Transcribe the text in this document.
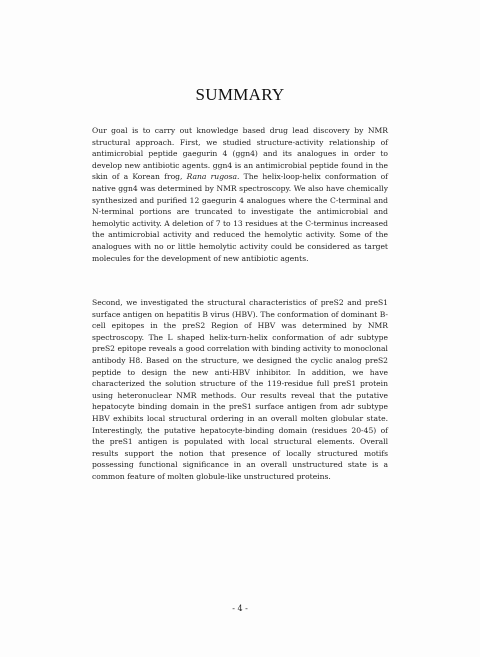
SUMMARY

Our goal is to carry out knowledge based drug lead discovery by NMR structural approach. First, we studied structure-activity relationship of antimicrobial peptide gaegurin 4 (ggn4) and its analogues in order to develop new antibiotic agents. ggn4 is an antimicrobial peptide found in the skin of a Korean frog, Rana rugosa. The helix-loop-helix conformation of native ggn4 was determined by NMR spectroscopy. We also have chemically synthesized and purified 12 gaegurin 4 analogues where the C-terminal and N-terminal portions are truncated to investigate the antimicrobial and hemolytic activity. A deletion of 7 to 13 residues at the C-terminus increased the antimicrobial activity and reduced the hemolytic activity. Some of the analogues with no or little hemolytic activity could be considered as target molecules for the development of new antibiotic agents.

Second, we investigated the structural characteristics of preS2 and preS1 surface antigen on hepatitis B virus (HBV). The conformation of dominant B-cell epitopes in the preS2 Region of HBV was determined by NMR spectroscopy. The L shaped helix-turn-helix conformation of adr subtype preS2 epitope reveals a good correlation with binding activity to monoclonal antibody H8. Based on the structure, we designed the cyclic analog preS2 peptide to design the new anti-HBV inhibitor. In addition, we have characterized the solution structure of the 119-residue full preS1 protein using heteronuclear NMR methods. Our results reveal that the putative hepatocyte binding domain in the preS1 surface antigen from adr subtype HBV exhibits local structural ordering in an overall molten globular state. Interestingly, the putative hepatocyte-binding domain (residues 20-45) of the preS1 antigen is populated with local structural elements. Overall results support the notion that presence of locally structured motifs possessing functional significance in an overall unstructured state is a common feature of molten globule-like unstructured proteins.

- 4 -
